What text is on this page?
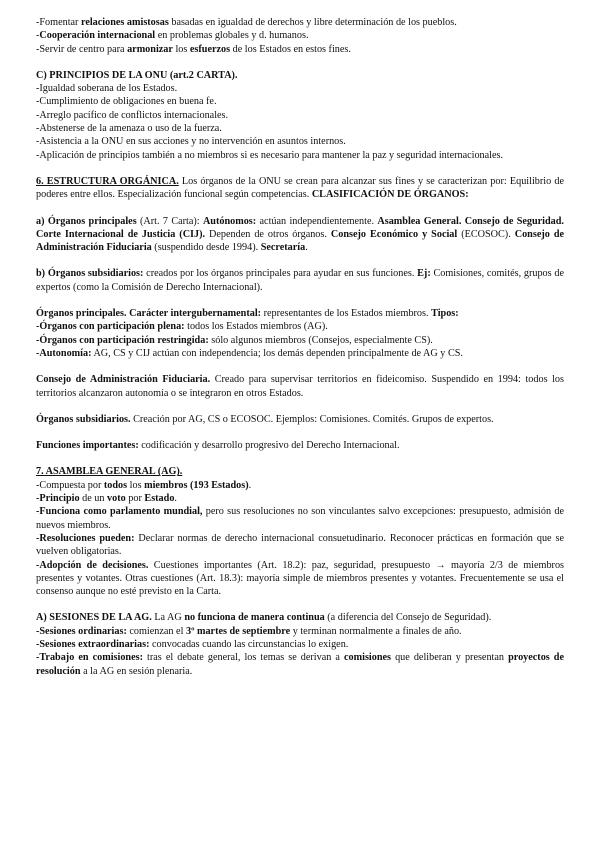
-Fomentar relaciones amistosas basadas en igualdad de derechos y libre determinación de los pueblos.
-Cooperación internacional en problemas globales y d. humanos.
-Servir de centro para armonizar los esfuerzos de los Estados en estos fines.
C) PRINCIPIOS DE LA ONU (art.2 CARTA).
-Igualdad soberana de los Estados.
-Cumplimiento de obligaciones en buena fe.
-Arreglo pacífico de conflictos internacionales.
-Abstenerse de la amenaza o uso de la fuerza.
-Asistencia a la ONU en sus acciones y no intervención en asuntos internos.
-Aplicación de principios también a no miembros si es necesario para mantener la paz y seguridad internacionales.
6. ESTRUCTURA ORGÁNICA. Los órganos de la ONU se crean para alcanzar sus fines y se caracterizan por: Equilibrio de poderes entre ellos. Especialización funcional según competencias. CLASIFICACIÓN DE ÓRGANOS:
a) Órganos principales (Art. 7 Carta): Autónomos: actúan independientemente. Asamblea General. Consejo de Seguridad. Corte Internacional de Justicia (CIJ). Dependen de otros órganos. Consejo Económico y Social (ECOSOC). Consejo de Administración Fiduciaria (suspendido desde 1994). Secretaría.
b) Órganos subsidiarios: creados por los órganos principales para ayudar en sus funciones. Ej: Comisiones, comités, grupos de expertos (como la Comisión de Derecho Internacional).
Órganos principales. Carácter intergubernamental: representantes de los Estados miembros. Tipos:
-Órganos con participación plena: todos los Estados miembros (AG).
-Órganos con participación restringida: sólo algunos miembros (Consejos, especialmente CS).
-Autonomía: AG, CS y CIJ actúan con independencia; los demás dependen principalmente de AG y CS.
Consejo de Administración Fiduciaria. Creado para supervisar territorios en fideicomiso. Suspendido en 1994: todos los territorios alcanzaron autonomía o se integraron en otros Estados.
Órganos subsidiarios. Creación por AG, CS o ECOSOC. Ejemplos: Comisiones. Comités. Grupos de expertos.
Funciones importantes: codificación y desarrollo progresivo del Derecho Internacional.
7. ASAMBLEA GENERAL (AG).
-Compuesta por todos los miembros (193 Estados).
-Principio de un voto por Estado.
-Funciona como parlamento mundial, pero sus resoluciones no son vinculantes salvo excepciones: presupuesto, admisión de nuevos miembros.
-Resoluciones pueden: Declarar normas de derecho internacional consuetudinario. Reconocer prácticas en formación que se vuelven obligatorias.
-Adopción de decisiones. Cuestiones importantes (Art. 18.2): paz, seguridad, presupuesto → mayoría 2/3 de miembros presentes y votantes. Otras cuestiones (Art. 18.3): mayoría simple de miembros presentes y votantes. Frecuentemente se usa el consenso aunque no esté previsto en la Carta.
A) SESIONES DE LA AG. La AG no funciona de manera continua (a diferencia del Consejo de Seguridad).
-Sesiones ordinarias: comienzan el 3º martes de septiembre y terminan normalmente a finales de año.
-Sesiones extraordinarias: convocadas cuando las circunstancias lo exigen.
-Trabajo en comisiones: tras el debate general, los temas se derivan a comisiones que deliberan y presentan proyectos de resolución a la AG en sesión plenaria.
